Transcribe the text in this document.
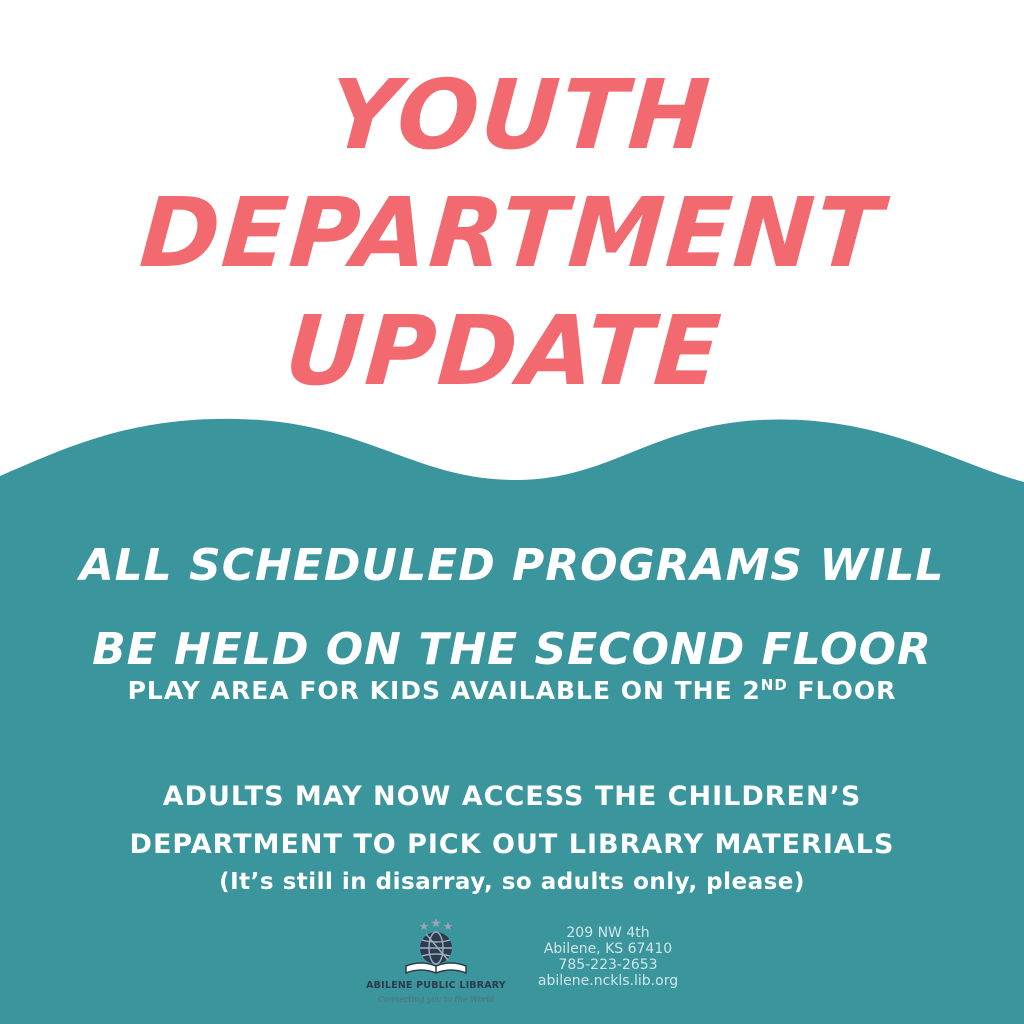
YOUTH
DEPARTMENT
UPDATE
ALL SCHEDULED PROGRAMS WILL
BE HELD ON THE SECOND FLOOR
PLAY AREA FOR KIDS AVAILABLE ON THE 2ND FLOOR
ADULTS MAY NOW ACCESS THE CHILDREN’S
DEPARTMENT TO PICK OUT LIBRARY MATERIALS
(It’s still in disarray, so adults only, please)
ABILENE PUBLIC LIBRARY
Connecting you to the World
209 NW 4th
Abilene, KS 67410
785-223-2653
abilene.nckls.lib.org
